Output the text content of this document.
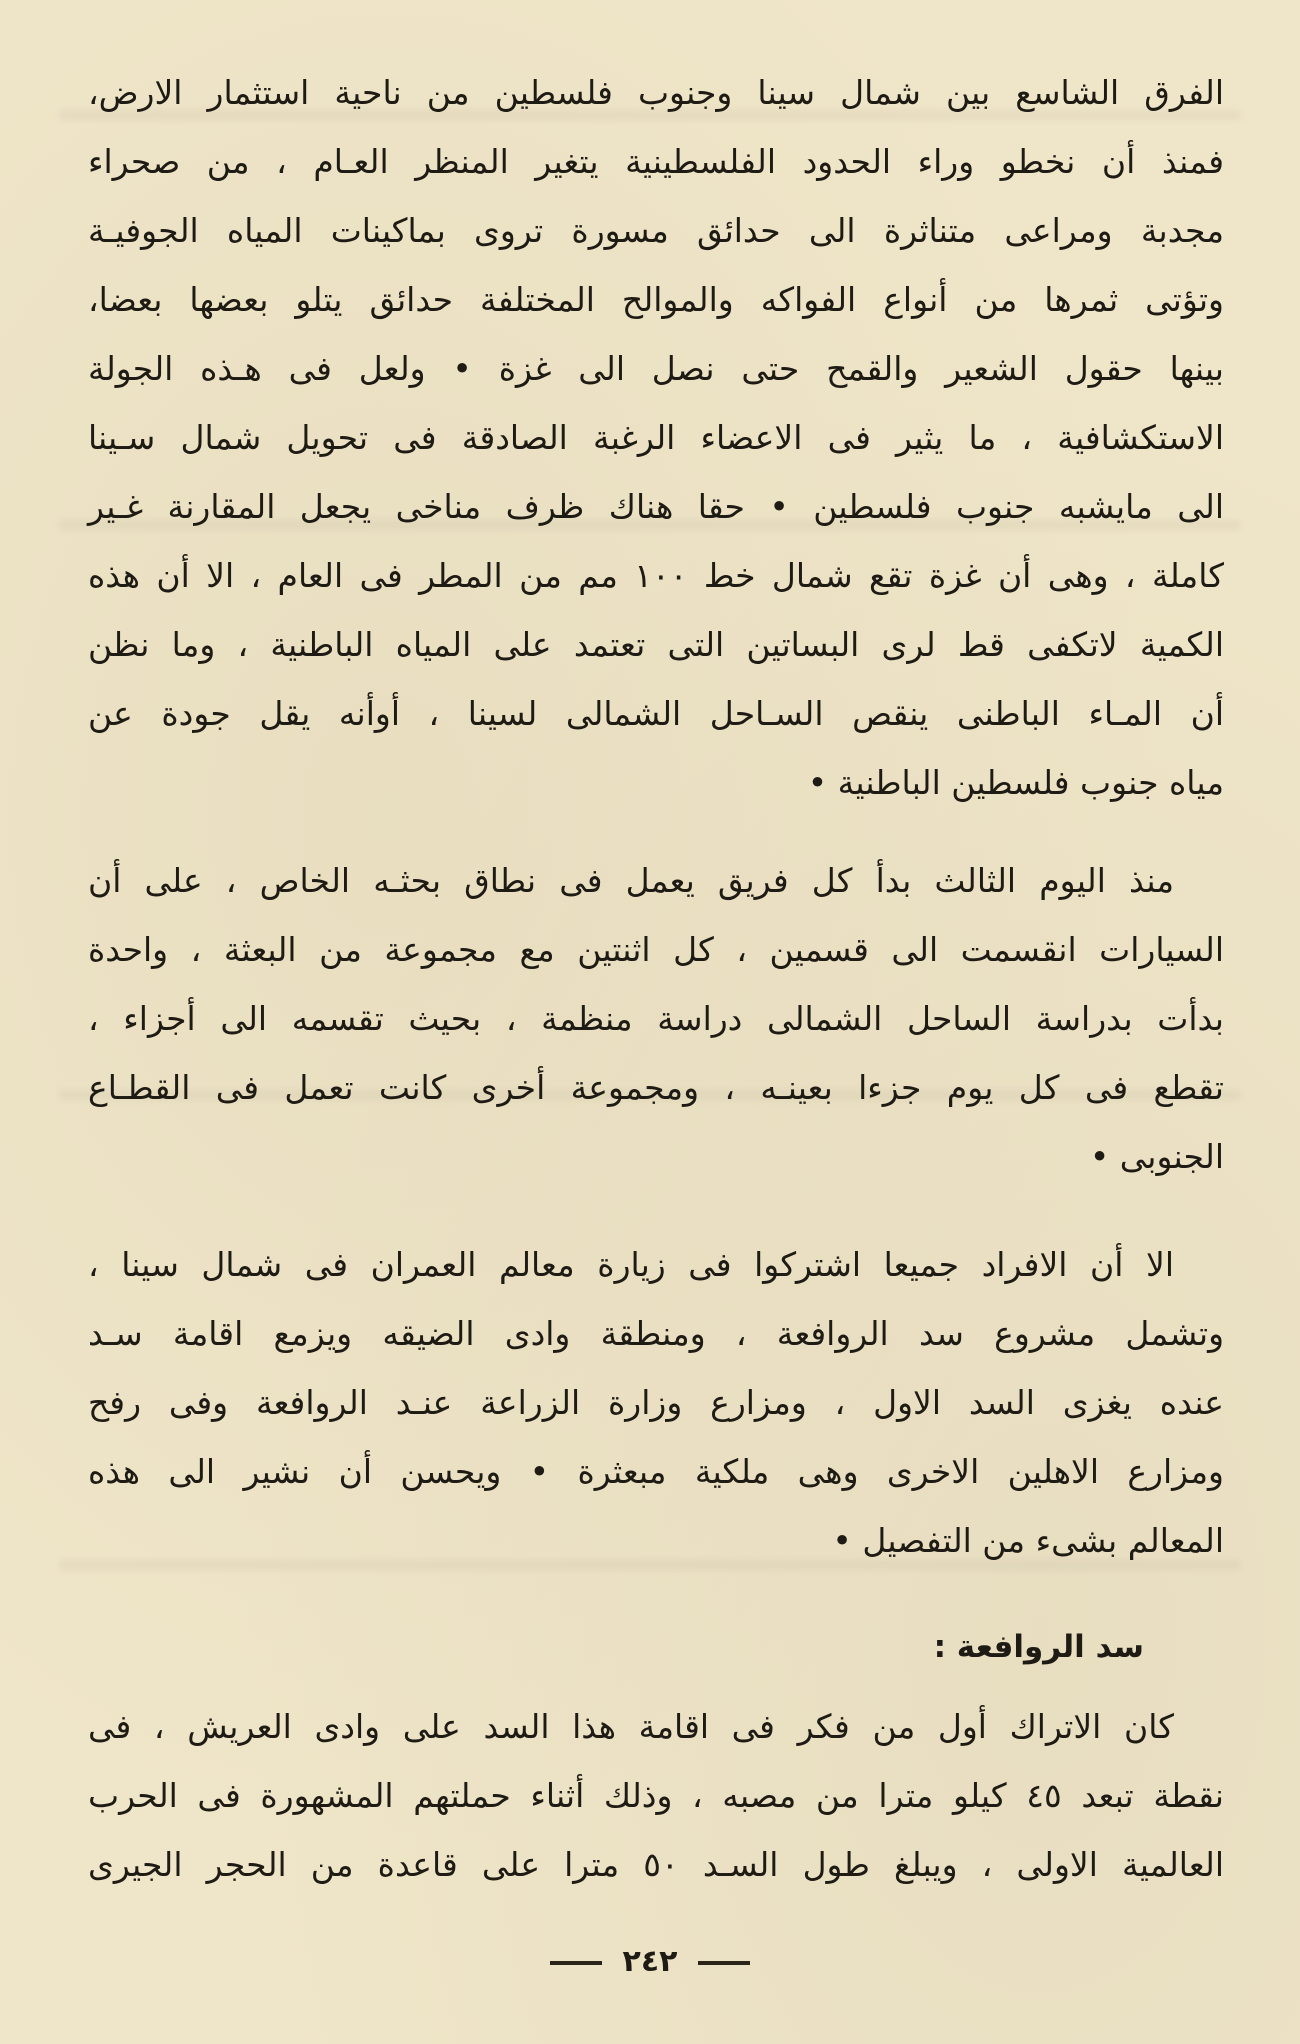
الفرق الشاسع بين شمال سينا وجنوب فلسطين من ناحية استثمار الارض،
فمنذ أن نخطو وراء الحدود الفلسطينية يتغير المنظر العـام ، من صحراء
مجدبة ومراعى متناثرة الى حدائق مسورة تروى بماكينات المياه الجوفيـة
وتؤتى ثمرها من أنواع الفواكه والموالح المختلفة حدائق يتلو بعضها بعضا،
بينها حقول الشعير والقمح حتى نصل الى غزة • ولعل فى هـذه الجولة
الاستكشافية ، ما يثير فى الاعضاء الرغبة الصادقة فى تحويل شمال سـينا
الى مايشبه جنوب فلسطين • حقا هناك ظرف مناخى يجعل المقارنة غـير
كاملة ، وهى أن غزة تقع شمال خط ١٠٠ مم من المطر فى العام ، الا أن هذه
الكمية لاتكفى قط لرى البساتين التى تعتمد على المياه الباطنية ، وما نظن
أن المـاء الباطنى ينقص السـاحل الشمالى لسينا ، أوأنه يقل جودة عن
مياه جنوب فلسطين الباطنية •
منذ اليوم الثالث بدأ كل فريق يعمل فى نطاق بحثـه الخاص ، على أن
السيارات انقسمت الى قسمين ، كل اثنتين مع مجموعة من البعثة ، واحدة
بدأت بدراسة الساحل الشمالى دراسة منظمة ، بحيث تقسمه الى أجزاء ،
تقطع فى كل يوم جزءا بعينـه ، ومجموعة أخرى كانت تعمل فى القطـاع
الجنوبى •
الا أن الافراد جميعا اشتركوا فى زيارة معالم العمران فى شمال سينا ،
وتشمل مشروع سد الروافعة ، ومنطقة وادى الضيقه ويزمع اقامة سـد
عنده يغزى السد الاول ، ومزارع وزارة الزراعة عنـد الروافعة وفى رفح
ومزارع الاهلين الاخرى وهى ملكية مبعثرة • ويحسن أن نشير الى هذه
المعالم بشىء من التفصيل •
سد الروافعة :
كان الاتراك أول من فكر فى اقامة هذا السد على وادى العريش ، فى
نقطة تبعد ٤٥ كيلو مترا من مصبه ، وذلك أثناء حملتهم المشهورة فى الحرب
العالمية الاولى ، ويبلغ طول السـد ٥٠ مترا على قاعدة من الحجر الجيرى
٢٤٢
